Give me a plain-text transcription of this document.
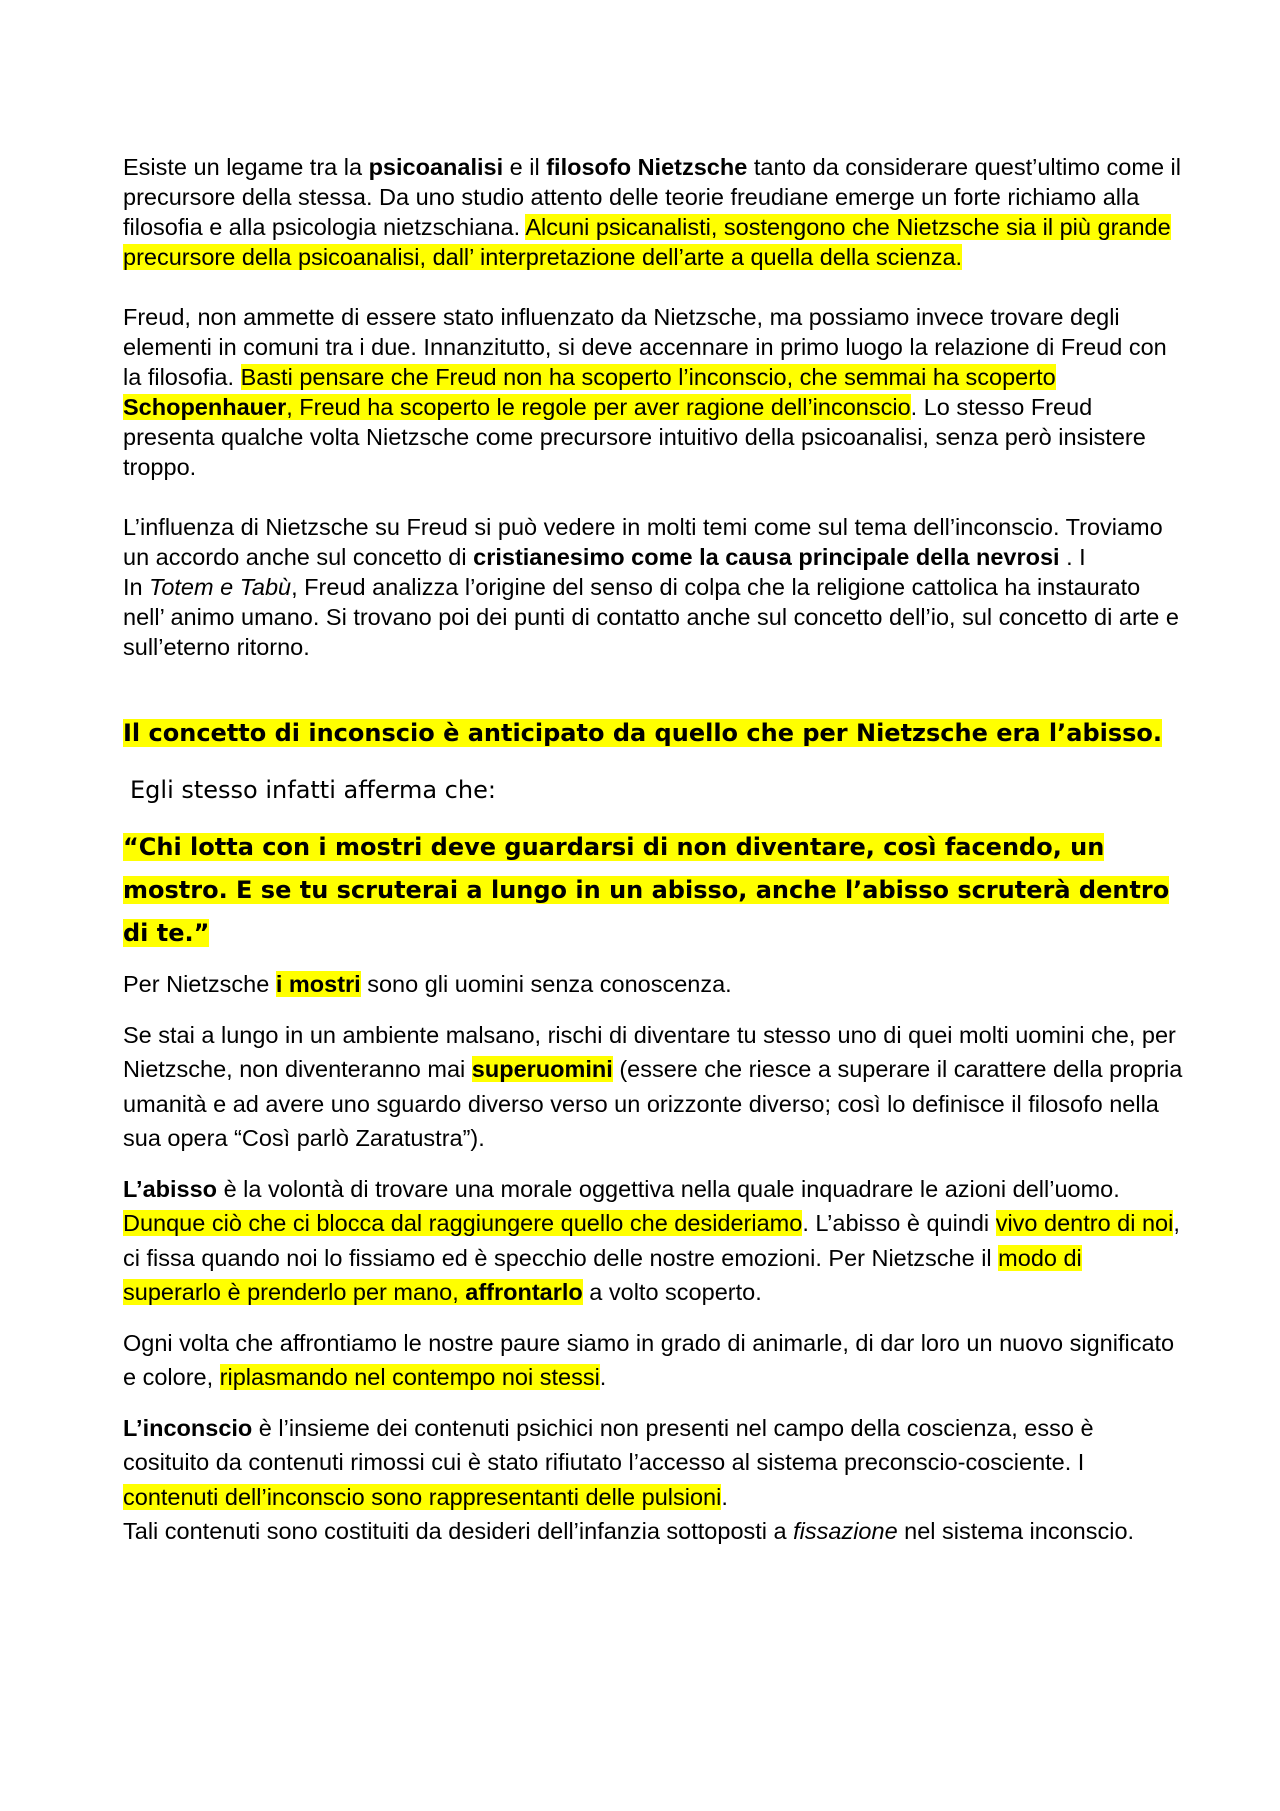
Esiste un legame tra la psicoanalisi e il filosofo Nietzsche tanto da considerare quest’ultimo come il precursore della stessa. Da uno studio attento delle teorie freudiane emerge un forte richiamo alla filosofia e alla psicologia nietzschiana. Alcuni psicanalisti, sostengono che Nietzsche sia il più grande precursore della psicoanalisi, dall’ interpretazione dell’arte a quella della scienza.

Freud, non ammette di essere stato influenzato da Nietzsche, ma possiamo invece trovare degli elementi in comuni tra i due. Innanzitutto, si deve accennare in primo luogo la relazione di Freud con la filosofia. Basti pensare che Freud non ha scoperto l’inconscio, che semmai ha scoperto Schopenhauer, Freud ha scoperto le regole per aver ragione dell’inconscio. Lo stesso Freud presenta qualche volta Nietzsche come precursore intuitivo della psicoanalisi, senza però insistere troppo.

L’influenza di Nietzsche su Freud si può vedere in molti temi come sul tema dell’inconscio. Troviamo un accordo anche sul concetto di cristianesimo come la causa principale della nevrosi . I
In Totem e Tabù, Freud analizza l’origine del senso di colpa che la religione cattolica ha instaurato nell’ animo umano. Si trovano poi dei punti di contatto anche sul concetto dell’io, sul concetto di arte e sull’eterno ritorno.

Il concetto di inconscio è anticipato da quello che per Nietzsche era l’abisso.

Egli stesso infatti afferma che:

“Chi lotta con i mostri deve guardarsi di non diventare, così facendo, un mostro. E se tu scruterai a lungo in un abisso, anche l’abisso scruterà dentro di te.”

Per Nietzsche i mostri sono gli uomini senza conoscenza.

Se stai a lungo in un ambiente malsano, rischi di diventare tu stesso uno di quei molti uomini che, per Nietzsche, non diventeranno mai superuomini (essere che riesce a superare il carattere della propria umanità e ad avere uno sguardo diverso verso un orizzonte diverso; così lo definisce il filosofo nella sua opera “Così parlò Zaratustra”).

L’abisso è la volontà di trovare una morale oggettiva nella quale inquadrare le azioni dell’uomo. Dunque ciò che ci blocca dal raggiungere quello che desideriamo. L’abisso è quindi vivo dentro di noi, ci fissa quando noi lo fissiamo ed è specchio delle nostre emozioni. Per Nietzsche il modo di superarlo è prenderlo per mano, affrontarlo a volto scoperto.

Ogni volta che affrontiamo le nostre paure siamo in grado di animarle, di dar loro un nuovo significato e colore, riplasmando nel contempo noi stessi.

L’inconscio è l’insieme dei contenuti psichici non presenti nel campo della coscienza, esso è cosituito da contenuti rimossi cui è stato rifiutato l’accesso al sistema preconscio-cosciente. I contenuti dell’inconscio sono rappresentanti delle pulsioni.
Tali contenuti sono costituiti da desideri dell’infanzia sottoposti a fissazione nel sistema inconscio.
